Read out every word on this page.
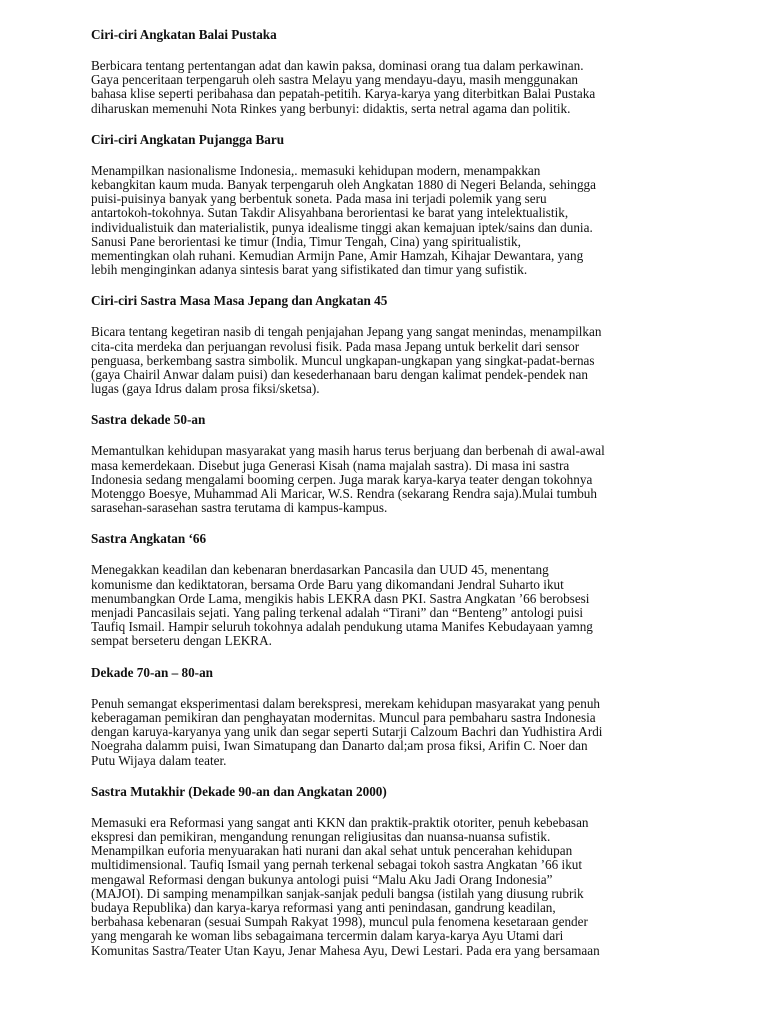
Ciri-ciri Angkatan Balai Pustaka
Berbicara tentang pertentangan adat dan kawin paksa, dominasi orang tua dalam perkawinan.
Gaya penceritaan terpengaruh oleh sastra Melayu yang mendayu-dayu, masih menggunakan
bahasa klise seperti peribahasa dan pepatah-petitih. Karya-karya yang diterbitkan Balai Pustaka
diharuskan memenuhi Nota Rinkes yang berbunyi: didaktis, serta netral agama dan politik.
Ciri-ciri Angkatan Pujangga Baru
Menampilkan nasionalisme Indonesia,. memasuki kehidupan modern, menampakkan
kebangkitan kaum muda. Banyak terpengaruh oleh Angkatan 1880 di Negeri Belanda, sehingga
puisi-puisinya banyak yang berbentuk soneta. Pada masa ini terjadi polemik yang seru
antartokoh-tokohnya. Sutan Takdir Alisyahbana berorientasi ke barat yang intelektualistik,
individualistuik dan materialistik, punya idealisme tinggi akan kemajuan iptek/sains dan dunia.
Sanusi Pane berorientasi ke timur (India, Timur Tengah, Cina) yang spiritualistik,
mementingkan olah ruhani. Kemudian Armijn Pane, Amir Hamzah, Kihajar Dewantara, yang
lebih menginginkan adanya sintesis barat yang sifistikated dan timur yang sufistik.
Ciri-ciri Sastra Masa Masa Jepang dan Angkatan 45
Bicara tentang kegetiran nasib di tengah penjajahan Jepang yang sangat menindas, menampilkan
cita-cita merdeka dan perjuangan revolusi fisik. Pada masa Jepang untuk berkelit dari sensor
penguasa, berkembang sastra simbolik. Muncul ungkapan-ungkapan yang singkat-padat-bernas
(gaya Chairil Anwar dalam puisi) dan kesederhanaan baru dengan kalimat pendek-pendek nan
lugas (gaya Idrus dalam prosa fiksi/sketsa).
Sastra dekade 50-an
Memantulkan kehidupan masyarakat yang masih harus terus berjuang dan berbenah di awal-awal
masa kemerdekaan. Disebut juga Generasi Kisah (nama majalah sastra). Di masa ini sastra
Indonesia sedang mengalami booming cerpen. Juga marak karya-karya teater dengan tokohnya
Motenggo Boesye, Muhammad Ali Maricar, W.S. Rendra (sekarang Rendra saja).Mulai tumbuh
sarasehan-sarasehan sastra terutama di kampus-kampus.
Sastra Angkatan ‘66
Menegakkan keadilan dan kebenaran bnerdasarkan Pancasila dan UUD 45, menentang
komunisme dan kediktatoran, bersama Orde Baru yang dikomandani Jendral Suharto ikut
menumbangkan Orde Lama, mengikis habis LEKRA dasn PKI. Sastra Angkatan ’66 berobsesi
menjadi Pancasilais sejati. Yang paling terkenal adalah “Tirani” dan “Benteng” antologi puisi
Taufiq Ismail. Hampir seluruh tokohnya adalah pendukung utama Manifes Kebudayaan yamng
sempat berseteru dengan LEKRA.
Dekade 70-an – 80-an
Penuh semangat eksperimentasi dalam berekspresi, merekam kehidupan masyarakat yang penuh
keberagaman pemikiran dan penghayatan modernitas. Muncul para pembaharu sastra Indonesia
dengan karuya-karyanya yang unik dan segar seperti Sutarji Calzoum Bachri dan Yudhistira Ardi
Noegraha dalamm puisi, Iwan Simatupang dan Danarto dal;am prosa fiksi, Arifin C. Noer dan
Putu Wijaya dalam teater.
Sastra Mutakhir (Dekade 90-an dan Angkatan 2000)
Memasuki era Reformasi yang sangat anti KKN dan praktik-praktik otoriter, penuh kebebasan
ekspresi dan pemikiran, mengandung renungan religiusitas dan nuansa-nuansa sufistik.
Menampilkan euforia menyuarakan hati nurani dan akal sehat untuk pencerahan kehidupan
multidimensional. Taufiq Ismail yang pernah terkenal sebagai tokoh sastra Angkatan ’66 ikut
mengawal Reformasi dengan bukunya antologi puisi “Malu Aku Jadi Orang Indonesia”
(MAJOI). Di samping menampilkan sanjak-sanjak peduli bangsa (istilah yang diusung rubrik
budaya Republika) dan karya-karya reformasi yang anti penindasan, gandrung keadilan,
berbahasa kebenaran (sesuai Sumpah Rakyat 1998), muncul pula fenomena kesetaraan gender
yang mengarah ke woman libs sebagaimana tercermin dalam karya-karya Ayu Utami dari
Komunitas Sastra/Teater Utan Kayu, Jenar Mahesa Ayu, Dewi Lestari. Pada era yang bersamaan
